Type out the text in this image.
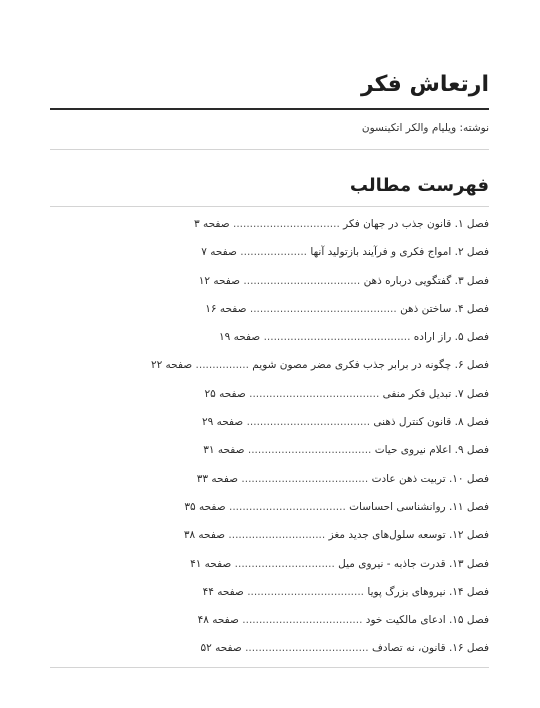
ارتعاش فکر
نوشته: ویلیام والکر اتکینسون
فهرست مطالب
فصل ۱. قانون جذب در جهان فکر ................................ صفحه ۳
فصل ۲. امواج فکری و فرآیند بازتولید آنها .................... صفحه ۷
فصل ۳. گفتگویی درباره ذهن ................................... صفحه ۱۲
فصل ۴. ساختن ذهن ............................................ صفحه ۱۶
فصل ۵. راز اراده ............................................ صفحه ۱۹
فصل ۶. چگونه در برابر جذب فکری مضر مصون شویم ................ صفحه ۲۲
فصل ۷. تبدیل فکر منفی ....................................... صفحه ۲۵
فصل ۸. قانون کنترل ذهنی ..................................... صفحه ۲۹
فصل ۹. اعلام نیروی حیات ..................................... صفحه ۳۱
فصل ۱۰. تربیت ذهن عادت ...................................... صفحه ۳۳
فصل ۱۱. روانشناسی احساسات ................................... صفحه ۳۵
فصل ۱۲. توسعه سلول‌های جدید مغز ............................. صفحه ۳۸
فصل ۱۳. قدرت جاذبه - نیروی میل .............................. صفحه ۴۱
فصل ۱۴. نیروهای بزرگ پویا ................................... صفحه ۴۴
فصل ۱۵. ادعای مالکیت خود .................................... صفحه ۴۸
فصل ۱۶. قانون، نه تصادف ..................................... صفحه ۵۲
